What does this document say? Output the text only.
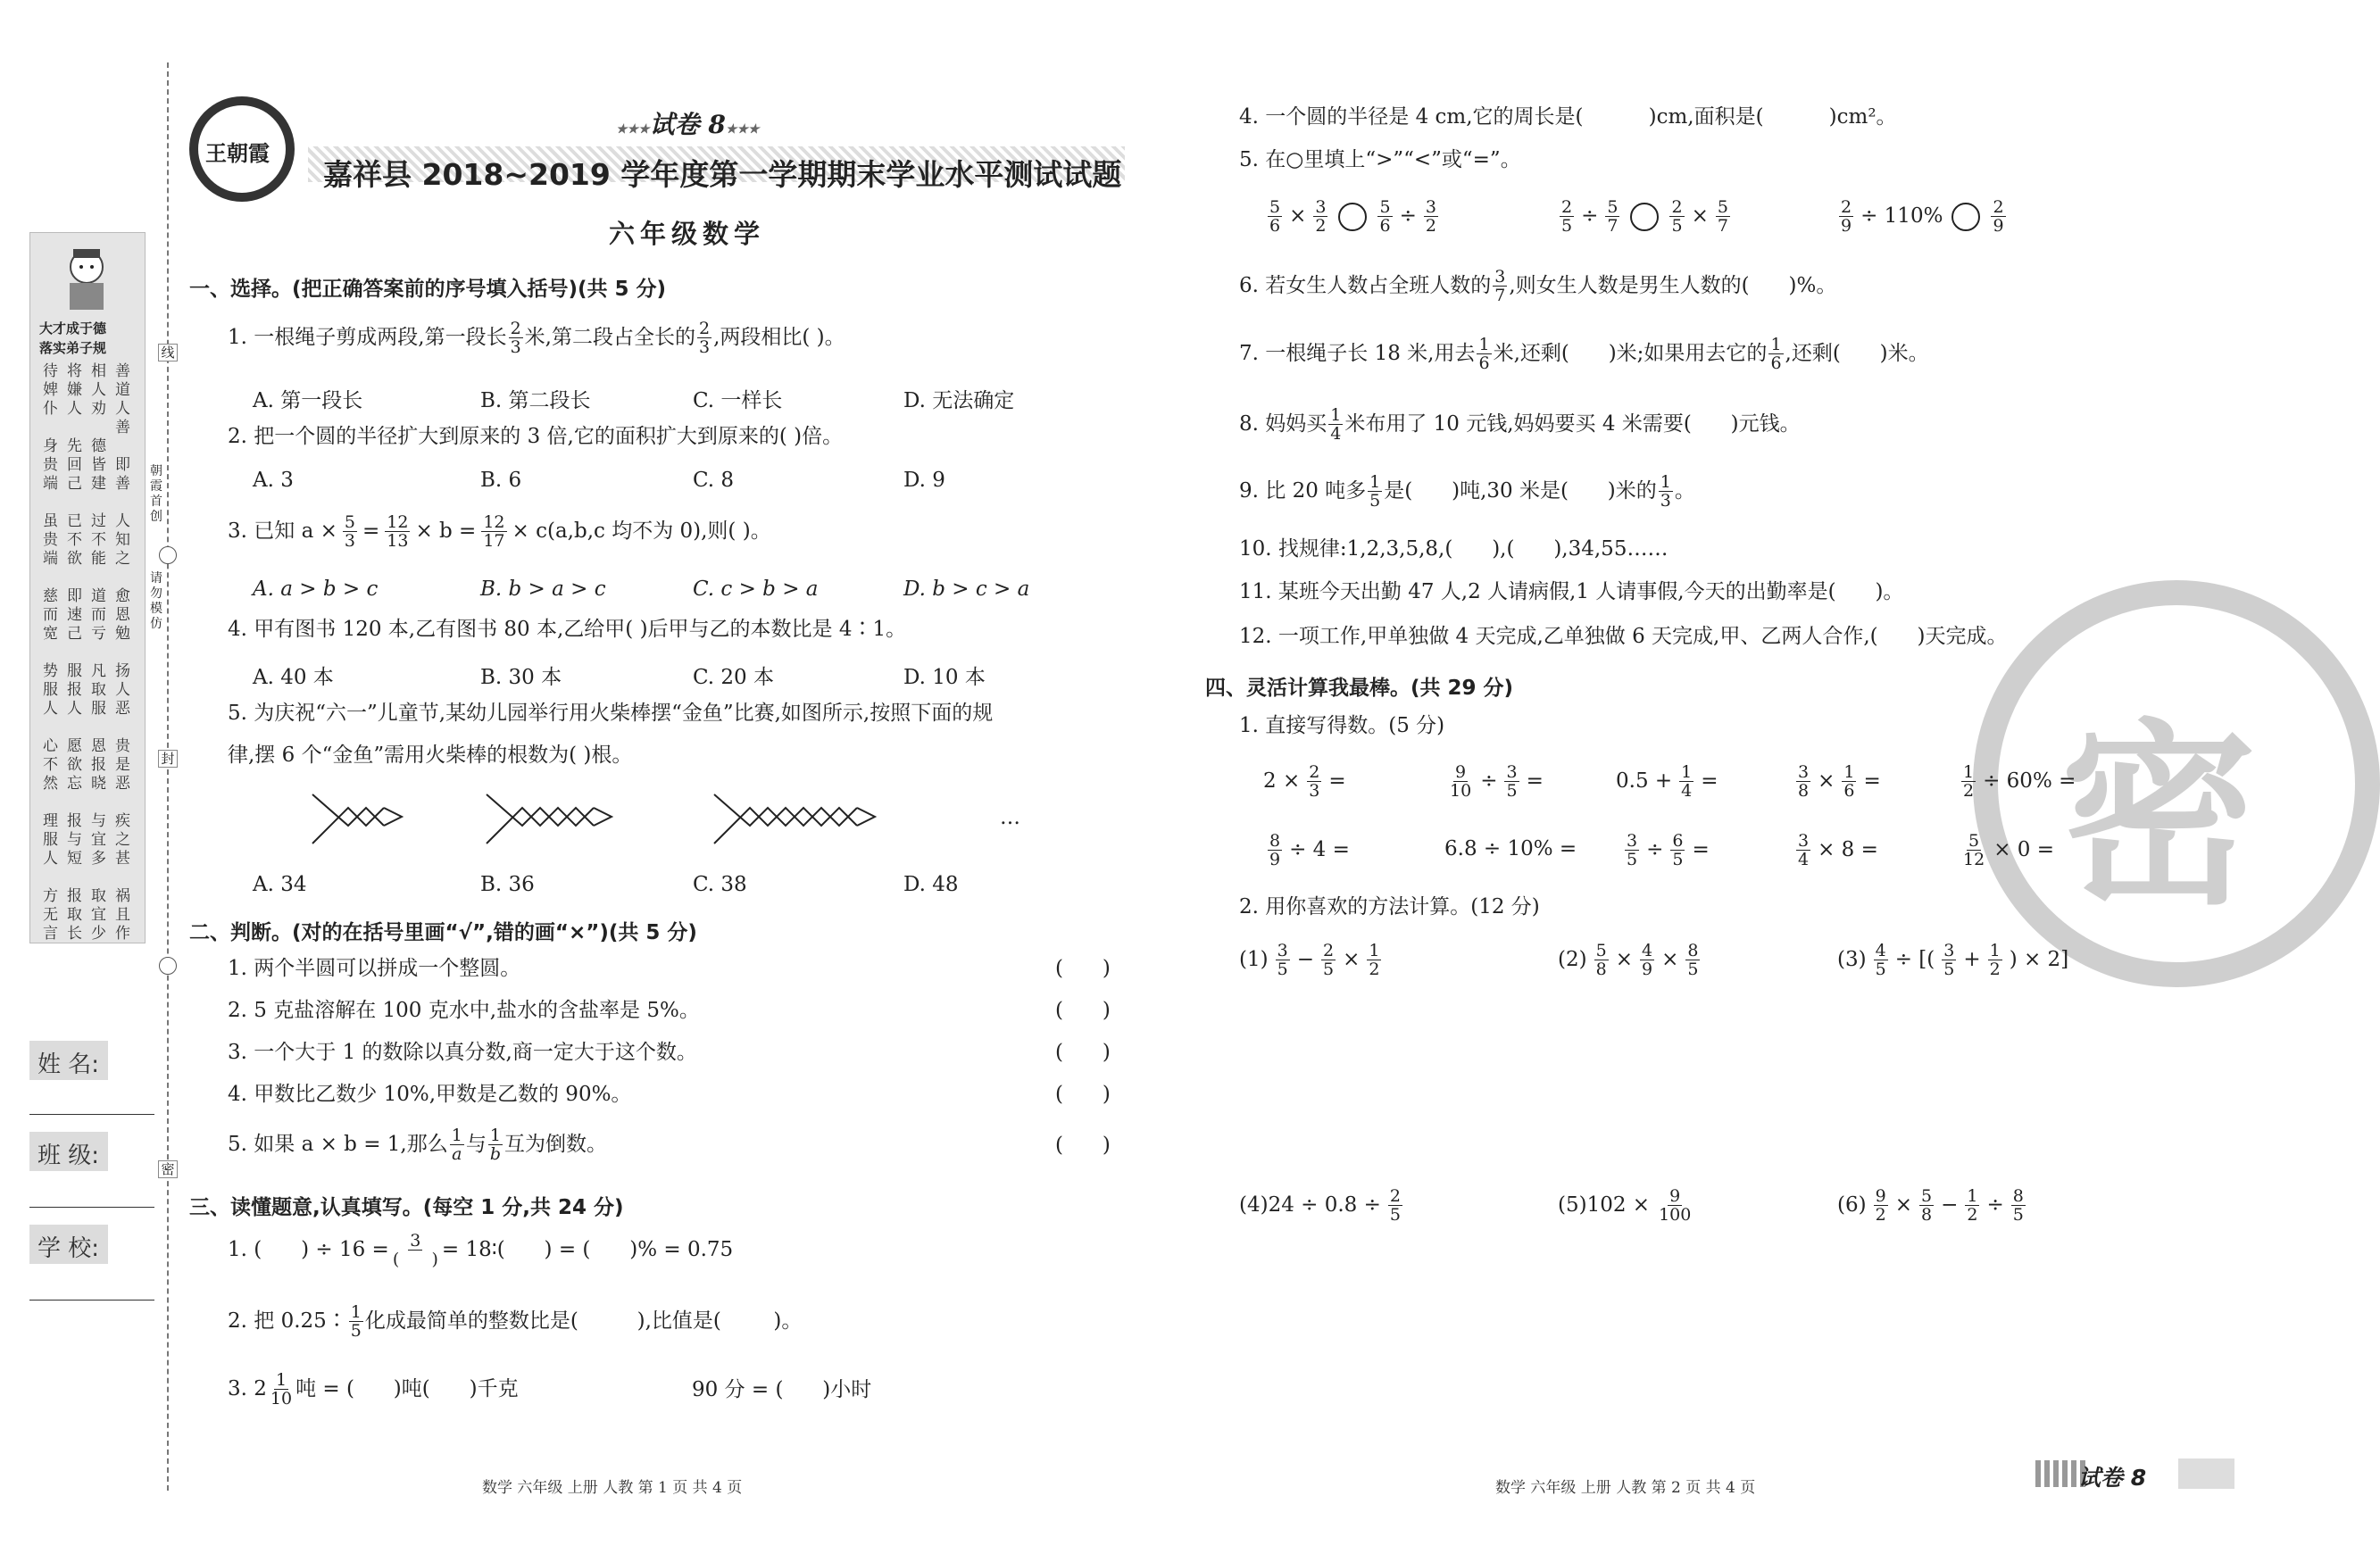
大才成于德
落实弟子规
待婢仆

身贵端

虽贵端

慈而宽

势服人

心不然

理服人

方无言
将嫌人

先回己

已不欲

即速己

服报人

愿欲忘

报与短

报取长
相人劝

德皆建

过不能

道而亏

凡取服

恩报晓

与宜多

取宜少
善道
人善

即善

人知之

愈恩勉

扬人恶

贵是恶

疾之甚

祸且作
线
朝
霞
首
创
请
勿
模
仿
封
密
姓 名:
班 级:
学 校:
王朝霞
★★★试卷 8★★★
嘉祥县 2018~2019 学年度第一学期期末学业水平测试试题
六年级数学
一、选择。(把正确答案前的序号填入括号)(共 5 分)
1. 一根绳子剪成两段,第一段长 $\frac{2}{3}$ 米,第二段占全长的 $\frac{2}{3}$ ,两段相比( )。
A. 第一段长	B. 第二段长	C. 一样长	D. 无法确定
2. 把一个圆的半径扩大到原来的 3 倍,它的面积扩大到原来的( )倍。
A. 3	B. 6	C. 8	D. 9
3. 已知 $a \times \frac{5}{3} = \frac{12}{13} \times b = \frac{12}{17} \times c(a,b,c$ 均不为 0),则( )。
A. a > b > c	B. b > a > c	C. c > b > a	D. b > c > a
4. 甲有图书 120 本,乙有图书 80 本,乙给甲( )后甲与乙的本数比是 4∶1。
A. 40 本	B. 30 本	C. 20 本	D. 10 本
5. 为庆祝“六一”儿童节,某幼儿园举行用火柴棒摆“金鱼”比赛,如图所示,按照下面的规
律,摆 6 个“金鱼”需用火柴棒的根数为( )根。
…
A. 34	B. 36	C. 38	D. 48
二、判断。(对的在括号里画“√”,错的画“×”)(共 5 分)
1. 两个半圆可以拼成一个整圆。	(      )
2. 5 克盐溶解在 100 克水中,盐水的含盐率是 5%。	(      )
3. 一个大于 1 的数除以真分数,商一定大于这个数。	(      )
4. 甲数比乙数少 10%,甲数是乙数的 90%。	(      )
5. 如果 a × b = 1,那么 $\frac{1}{a}$ 与 $\frac{1}{b}$ 互为倒数。	(      )
三、读懂题意,认真填写。(每空 1 分,共 24 分)
1. (      ) ÷ $16 = \frac{3}{( )}$ = 18∶(      ) = (      )% = 0.75
2. 把 0.25∶ $\frac{1}{5}$ 化成最简单的整数比是(         ),比值是(        )。
3. $2 \frac{1}{10}$ 吨 = (      )吨(      )千克	90 分 = (      )小时
数学 六年级 上册 人教 第 1 页 共 4 页
密
4. 一个圆的半径是 4 cm,它的周长是(          )cm,面积是(          )cm²。
5. 在○里填上“>”“<”或“=”。
$\frac{5}{6} \times \frac{3}{2}$	$\frac{5}{6} \div \frac{3}{2}$	$\frac{2}{5} \div \frac{5}{7}$	$\frac{2}{5} \times \frac{5}{7}$	$\frac{2}{9} \div 110\%$	$\frac{2}{9}$
6. 若女生人数占全班人数的 $\frac{3}{7}$ ,则女生人数是男生人数的(      )%。
7. 一根绳子长 18 米,用去 $\frac{1}{6}$ 米,还剩(      )米;如果用去它的 $\frac{1}{6}$ ,还剩(      )米。
8. 妈妈买 $\frac{1}{4}$ 米布用了 10 元钱,妈妈要买 4 米需要(      )元钱。
9. 比 20 吨多 $\frac{1}{5}$ 是(      )吨,30 米是(      )米的 $\frac{1}{3}$ 。
10. 找规律:1,2,3,5,8,(      ),(      ),34,55……
11. 某班今天出勤 47 人,2 人请病假,1 人请事假,今天的出勤率是(      )。
12. 一项工作,甲单独做 4 天完成,乙单独做 6 天完成,甲、乙两人合作,(      )天完成。
四、灵活计算我最棒。(共 29 分)
1. 直接写得数。(5 分)
$2 \times \frac{2}{3}$ =	$\frac{9}{10} \div \frac{3}{5}$ =	$0.5 + \frac{1}{4}$ =	$\frac{3}{8} \times \frac{1}{6}$ =	$\frac{1}{2} \div 60\%$ =
$\frac{8}{9} \div 4$ =	6.8 ÷ 10% =	$\frac{3}{5} \div \frac{6}{5}$ =	$\frac{3}{4} \times 8$ =	$\frac{5}{12} \times 0$ =
2. 用你喜欢的方法计算。(12 分)
$(1) \frac{3}{5} - \frac{2}{5} \times \frac{1}{2}$	$(2) \frac{5}{8} \times \frac{4}{9} \times \frac{8}{5}$	$(3) \frac{4}{5}$ ÷ [( $\frac{3}{5} + \frac{1}{2}$ ) × 2]
$(4)24 \div 0.8 \div \frac{2}{5}$	$(5)102 \times \frac{9}{100}$	$(6) \frac{9}{2} \times \frac{5}{8} - \frac{1}{2} \div \frac{8}{5}$
数学 六年级 上册 人教 第 2 页 共 4 页	试卷 8
